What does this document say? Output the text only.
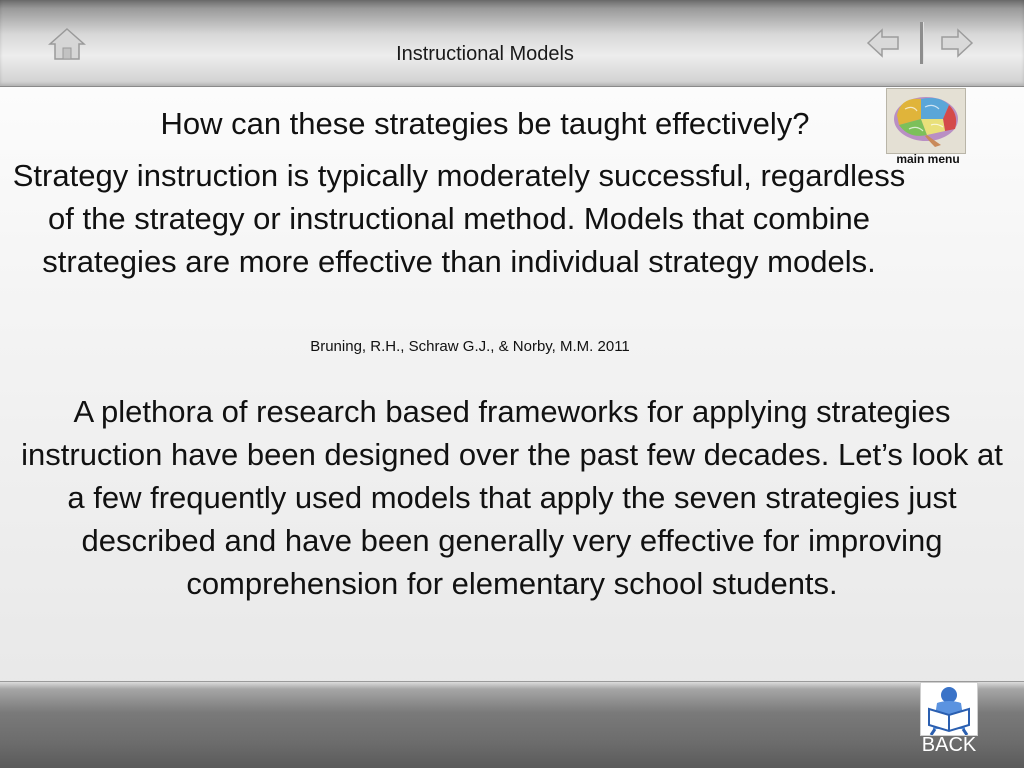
Instructional Models
main menu
How can these strategies be taught effectively?
Strategy instruction is typically moderately successful, regardless of the strategy or instructional method. Models that combine strategies are more effective than individual strategy models.
Bruning, R.H., Schraw G.J., & Norby, M.M. 2011
A plethora of research based frameworks for applying strategies instruction have been designed over the past few decades. Let’s look at a few frequently used models that apply the seven strategies just described and have been generally very effective for improving comprehension for elementary school students.
BACK
